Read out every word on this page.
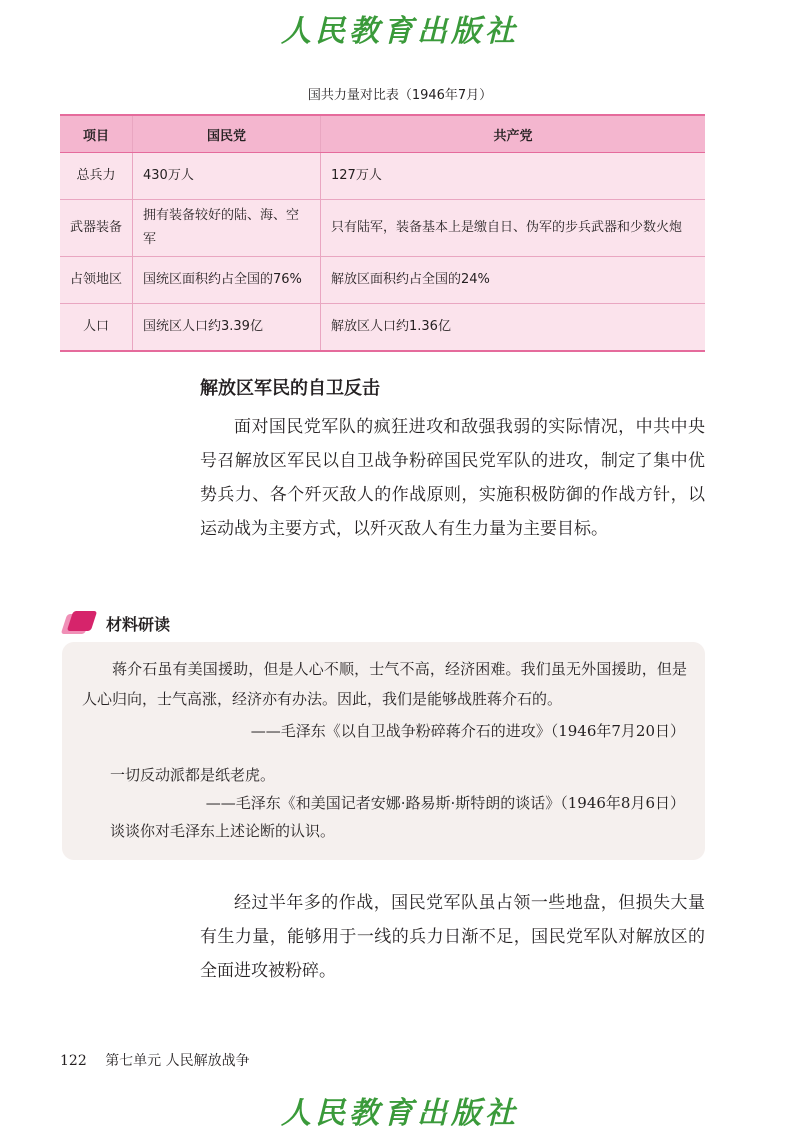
人民教育出版社
国共力量对比表（1946年7月）
项目	国民党	共产党
总兵力	430万人	127万人
武器装备	拥有装备较好的陆、海、空军	只有陆军，装备基本上是缴自日、伪军的步兵武器和少数火炮
占领地区	国统区面积约占全国的76%	解放区面积约占全国的24%
人口	国统区人口约3.39亿	解放区人口约1.36亿
解放区军民的自卫反击

面对国民党军队的疯狂进攻和敌强我弱的实际情况，中共中央号召解放区军民以自卫战争粉碎国民党军队的进攻，制定了集中优势兵力、各个歼灭敌人的作战原则，实施积极防御的作战方针，以运动战为主要方式，以歼灭敌人有生力量为主要目标。

材料研读

蒋介石虽有美国援助，但是人心不顺，士气不高，经济困难。我们虽无外国援助，但是人心归向，士气高涨，经济亦有办法。因此，我们是能够战胜蒋介石的。

——毛泽东《以自卫战争粉碎蒋介石的进攻》（1946年7月20日）
一切反动派都是纸老虎。
——毛泽东《和美国记者安娜·路易斯·斯特朗的谈话》（1946年8月6日）
谈谈你对毛泽东上述论断的认识。

经过半年多的作战，国民党军队虽占领一些地盘，但损失大量有生力量，能够用于一线的兵力日渐不足，国民党军队对解放区的全面进攻被粉碎。

122 第七单元 人民解放战争
人民教育出版社
